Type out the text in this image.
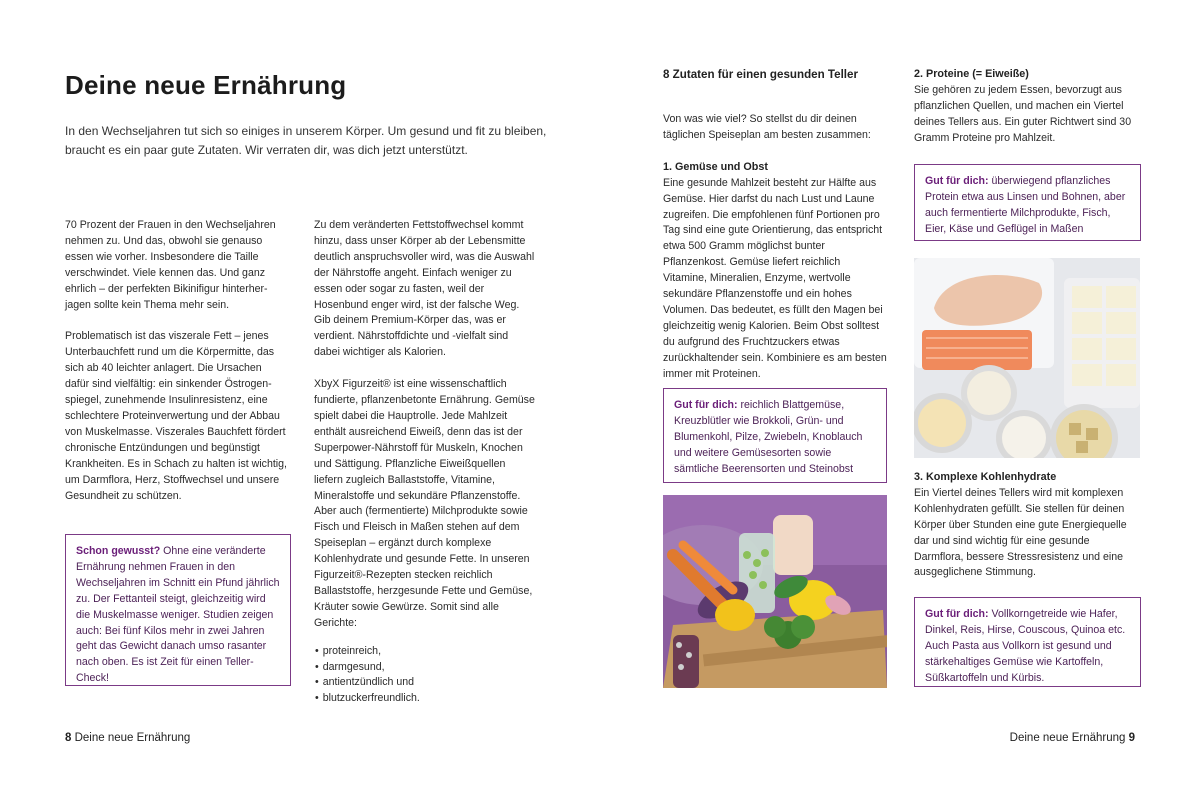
Deine neue Ernährung
In den Wechseljahren tut sich so einiges in unserem Körper. Um gesund und fit zu bleiben, braucht es ein paar gute Zutaten. Wir verraten dir, was dich jetzt unterstützt.

70 Prozent der Frauen in den Wechseljahren nehmen zu. Und das, obwohl sie genauso essen wie vorher. Insbesondere die Taille verschwindet. Viele kennen das. Und ganz ehrlich – der perfekten Bikinifigur hinterherjagen sollte kein Thema mehr sein.

Problematisch ist das viszerale Fett – jenes Unterbauchfett rund um die Körpermitte, das sich ab 40 leichter anlagert. Die Ursachen dafür sind vielfältig: ein sinkender Östrogenspiegel, zunehmende Insulinresistenz, eine schlechtere Proteinverwertung und der Abbau von Muskelmasse. Viszerales Bauchfett fördert chronische Entzündungen und begünstigt Krankheiten. Es in Schach zu halten ist wichtig, um Darmflora, Herz, Stoffwechsel und unsere Gesundheit zu schützen.

Schon gewusst? Ohne eine veränderte Ernährung nehmen Frauen in den Wechseljahren im Schnitt ein Pfund jährlich zu. Der Fettanteil steigt, gleichzeitig wird die Muskelmasse weniger. Studien zeigen auch: Bei fünf Kilos mehr in zwei Jahren geht das Gewicht danach umso rasanter nach oben. Es ist Zeit für einen Teller-Check!

Zu dem veränderten Fettstoffwechsel kommt hinzu, dass unser Körper ab der Lebensmitte deutlich anspruchsvoller wird, was die Auswahl der Nährstoffe angeht. Einfach weniger zu essen oder sogar zu fasten, weil der Hosenbund enger wird, ist der falsche Weg. Gib deinem Premium-Körper das, was er verdient. Nährstoffdichte und -vielfalt sind dabei wichtiger als Kalorien.

XbyX Figurzeit® ist eine wissenschaftlich fundierte, pflanzenbetonte Ernährung. Gemüse spielt dabei die Hauptrolle. Jede Mahlzeit enthält ausreichend Eiweiß, denn das ist der Superpower-Nährstoff für Muskeln, Knochen und Sättigung. Pflanzliche Eiweißquellen liefern zugleich Ballaststoffe, Vitamine, Mineralstoffe und sekundäre Pflanzenstoffe. Aber auch (fermentierte) Milchprodukte sowie Fisch und Fleisch in Maßen stehen auf dem Speiseplan – ergänzt durch komplexe Kohlenhydrate und gesunde Fette. In unseren Figurzeit®-Rezepten stecken reichlich Ballaststoffe, herzgesunde Fette und Gemüse, Kräuter sowie Gewürze. Somit sind alle Gerichte:

• proteinreich,
• darmgesund,
• antientzündlich und
• blutzuckerfreundlich.
8 Deine neue Ernährung
8 Zutaten für einen gesunden Teller

Von was wie viel? So stellst du dir deinen täglichen Speiseplan am besten zusammen:

1. Gemüse und Obst

Eine gesunde Mahlzeit besteht zur Hälfte aus Gemüse. Hier darfst du nach Lust und Laune zugreifen. Die empfohlenen fünf Portionen pro Tag sind eine gute Orientierung, das entspricht etwa 500 Gramm möglichst bunter Pflanzenkost. Gemüse liefert reichlich Vitamine, Mineralien, Enzyme, wertvolle sekundäre Pflanzenstoffe und ein hohes Volumen. Das bedeutet, es füllt den Magen bei gleichzeitig wenig Kalorien. Beim Obst solltest du aufgrund des Fruchtzuckers etwas zurückhaltender sein. Kombiniere es am besten immer mit Proteinen.

Gut für dich: reichlich Blattgemüse, Kreuzblütler wie Brokkoli, Grün- und Blumenkohl, Pilze, Zwiebeln, Knoblauch und weitere Gemüsesorten sowie sämtliche Beerensorten und Steinobst
2. Proteine (= Eiweiße)

Sie gehören zu jedem Essen, bevorzugt aus pflanzlichen Quellen, und machen ein Viertel deines Tellers aus. Ein guter Richtwert sind 30 Gramm Proteine pro Mahlzeit.

Gut für dich: überwiegend pflanzliches Protein etwa aus Linsen und Bohnen, aber auch fermentierte Milchprodukte, Fisch, Eier, Käse und Geflügel in Maßen
3. Komplexe Kohlenhydrate

Ein Viertel deines Tellers wird mit komplexen Kohlenhydraten gefüllt. Sie stellen für deinen Körper über Stunden eine gute Energiequelle dar und sind wichtig für eine gesunde Darmflora, bessere Stressresistenz und eine ausgeglichene Stimmung.

Gut für dich: Vollkorngetreide wie Hafer, Dinkel, Reis, Hirse, Couscous, Quinoa etc. Auch Pasta aus Vollkorn ist gesund und stärkehaltiges Gemüse wie Kartoffeln, Süßkartoffeln und Kürbis.
Deine neue Ernährung 9
